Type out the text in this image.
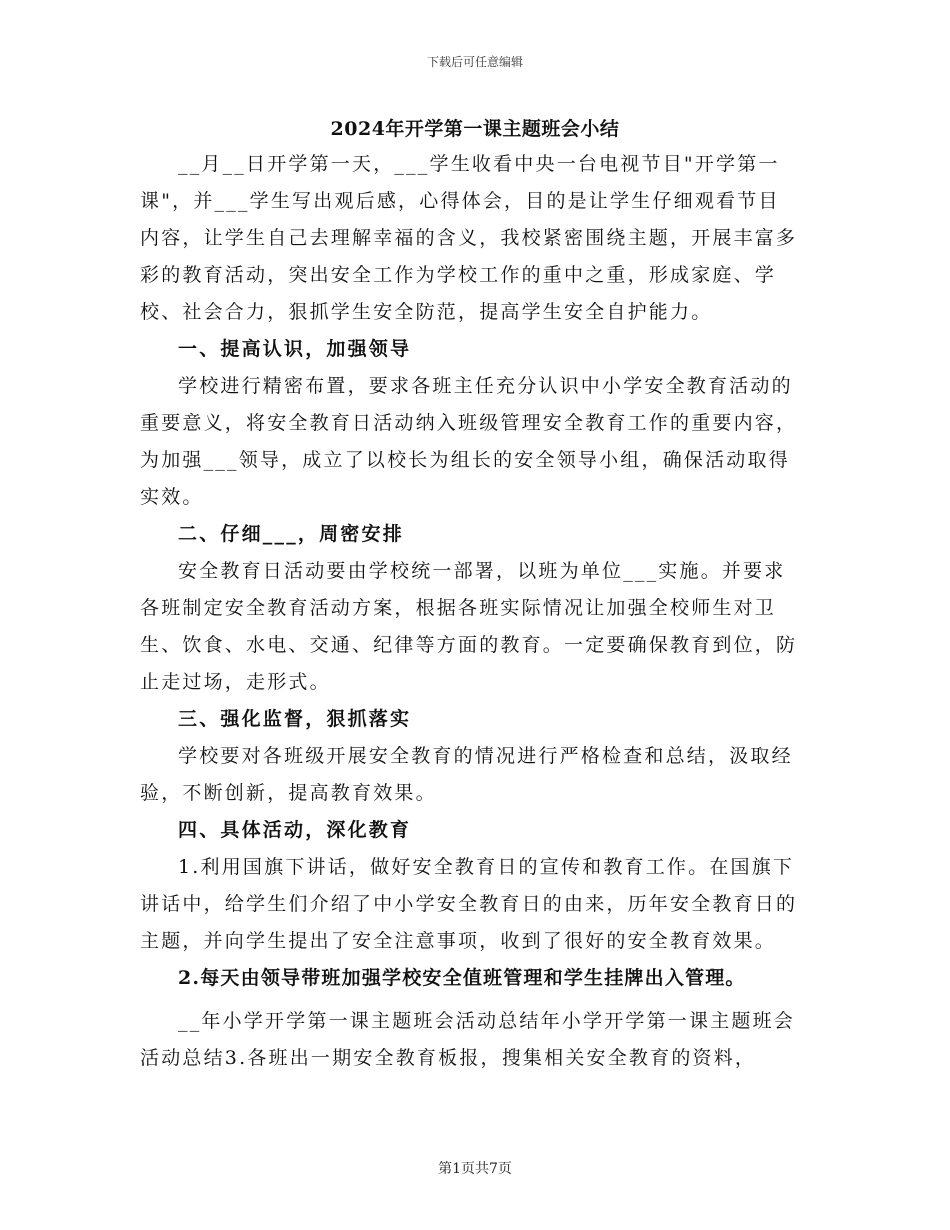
下载后可任意编辑
2024年开学第一课主题班会小结

__月__日开学第一天，___学生收看中央一台电视节目"开学第一课"，并___学生写出观后感，心得体会，目的是让学生仔细观看节目内容，让学生自己去理解幸福的含义，我校紧密围绕主题，开展丰富多彩的教育活动，突出安全工作为学校工作的重中之重，形成家庭、学校、社会合力，狠抓学生安全防范，提高学生安全自护能力。

一、提高认识，加强领导

学校进行精密布置，要求各班主任充分认识中小学安全教育活动的重要意义，将安全教育日活动纳入班级管理安全教育工作的重要内容，为加强___领导，成立了以校长为组长的安全领导小组，确保活动取得实效。

二、仔细___，周密安排

安全教育日活动要由学校统一部署，以班为单位___实施。并要求各班制定安全教育活动方案，根据各班实际情况让加强全校师生对卫生、饮食、水电、交通、纪律等方面的教育。一定要确保教育到位，防止走过场，走形式。

三、强化监督，狠抓落实

学校要对各班级开展安全教育的情况进行严格检查和总结，汲取经验，不断创新，提高教育效果。

四、具体活动，深化教育

1.利用国旗下讲话，做好安全教育日的宣传和教育工作。在国旗下讲话中，给学生们介绍了中小学安全教育日的由来，历年安全教育日的主题，并向学生提出了安全注意事项，收到了很好的安全教育效果。

2.每天由领导带班加强学校安全值班管理和学生挂牌出入管理。

__年小学开学第一课主题班会活动总结年小学开学第一课主题班会活动总结3.各班出一期安全教育板报，搜集相关安全教育的资料，

第1页共7页
